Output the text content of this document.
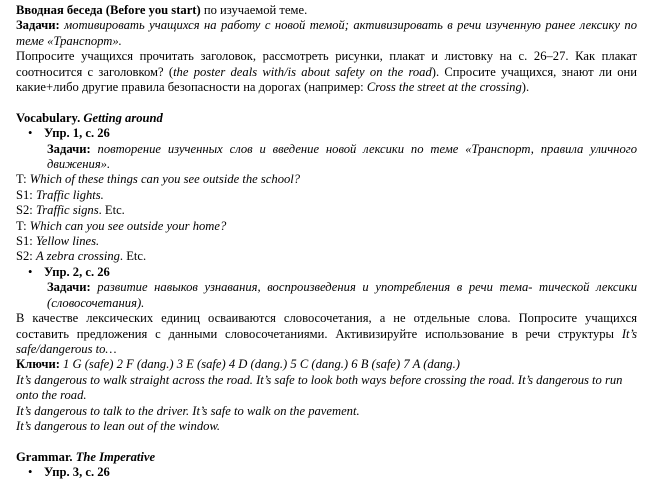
Вводная беседа (Before you start) по изучаемой теме.

Задачи: мотивировать учащихся на работу с новой темой; активизировать в речи изученную ранее лексику по теме «Транспорт».

Попросите учащихся прочитать заголовок, рассмотреть рисунки, плакат и листовку на с. 26–27. Как плакат соотносится с заголовком? (the poster deals with/is about safety on the road). Спросите учащихся, знают ли они какие+либо другие правила безопасности на дорогах (например: Cross the street at the crossing).

Vocabulary. Getting around

• Упр. 1, с. 26

Задачи: повторение изученных слов и введение новой лексики по теме «Транспорт, правила уличного движения».

T: Which of these things can you see outside the school?

S1: Traffic lights.

S2: Traffic signs. Etc.

T: Which can you see outside your home?

S1: Yellow lines.

S2: A zebra crossing. Etc.

• Упр. 2, с. 26

Задачи: развитие навыков узнавания, воспроизведения и употребления в речи тема- тической лексики (словосочетания).

В качестве лексических единиц осваиваются словосочетания, а не отдельные слова. Попросите учащихся составить предложения с данными словосочетаниями. Активизируйте использование в речи структуры It’s safe/dangerous to…

Ключи: 1 G (safe) 2 F (dang.) 3 E (safe) 4 D (dang.) 5 C (dang.) 6 B (safe) 7 A (dang.)

It’s dangerous to walk straight across the road. It’s safe to look both ways before crossing the road. It’s dangerous to run onto the road.

It’s dangerous to talk to the driver. It’s safe to walk on the pavement.

It’s dangerous to lean out of the window.

Grammar. The Imperative

• Упр. 3, с. 26
